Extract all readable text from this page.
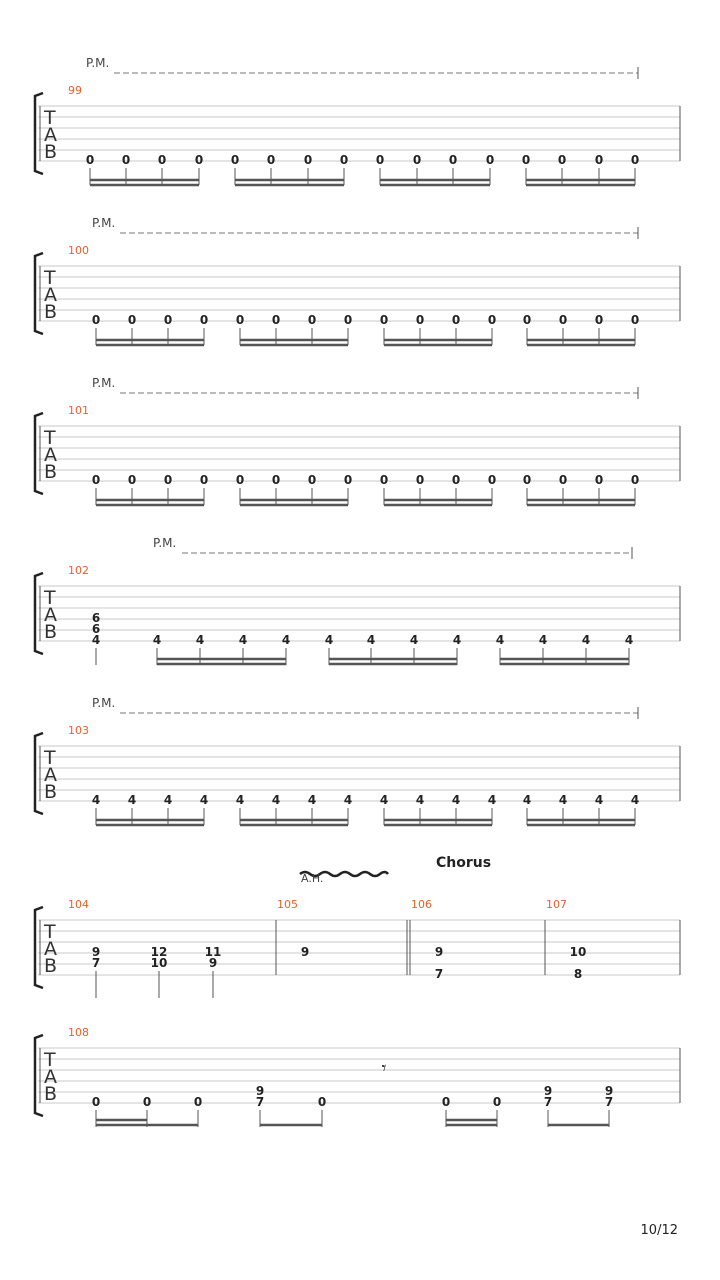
P.M.
99
T
A
B 0 0 0 0 0 0 0 0 0 0 0 0 0 0 0 0
P.M.
100
T
A
B	0 0 0 0 0 0 0 0 0 0 0 0 0 0 0 0
P.M.
101
T
A
B	0 0 0 0 0 0 0 0 0 0 0 0 0 0 0 0
P.M.
102
T
A
B
6
6
4	4	4	4	4	4	4	4	4	4	4	4	4
P.M.
103
T
A
B	4 4 4 4 4 4 4 4 4 4 4 4 4 4 4 4
A.H.
Chorus
104	105	106	107
T
A
B
9
7
12
10
11
9
9	9
7
10
8
108
T
A
B
𝄾
0	0	0
9
7	0	0	0
9
7
9
7
10/12
